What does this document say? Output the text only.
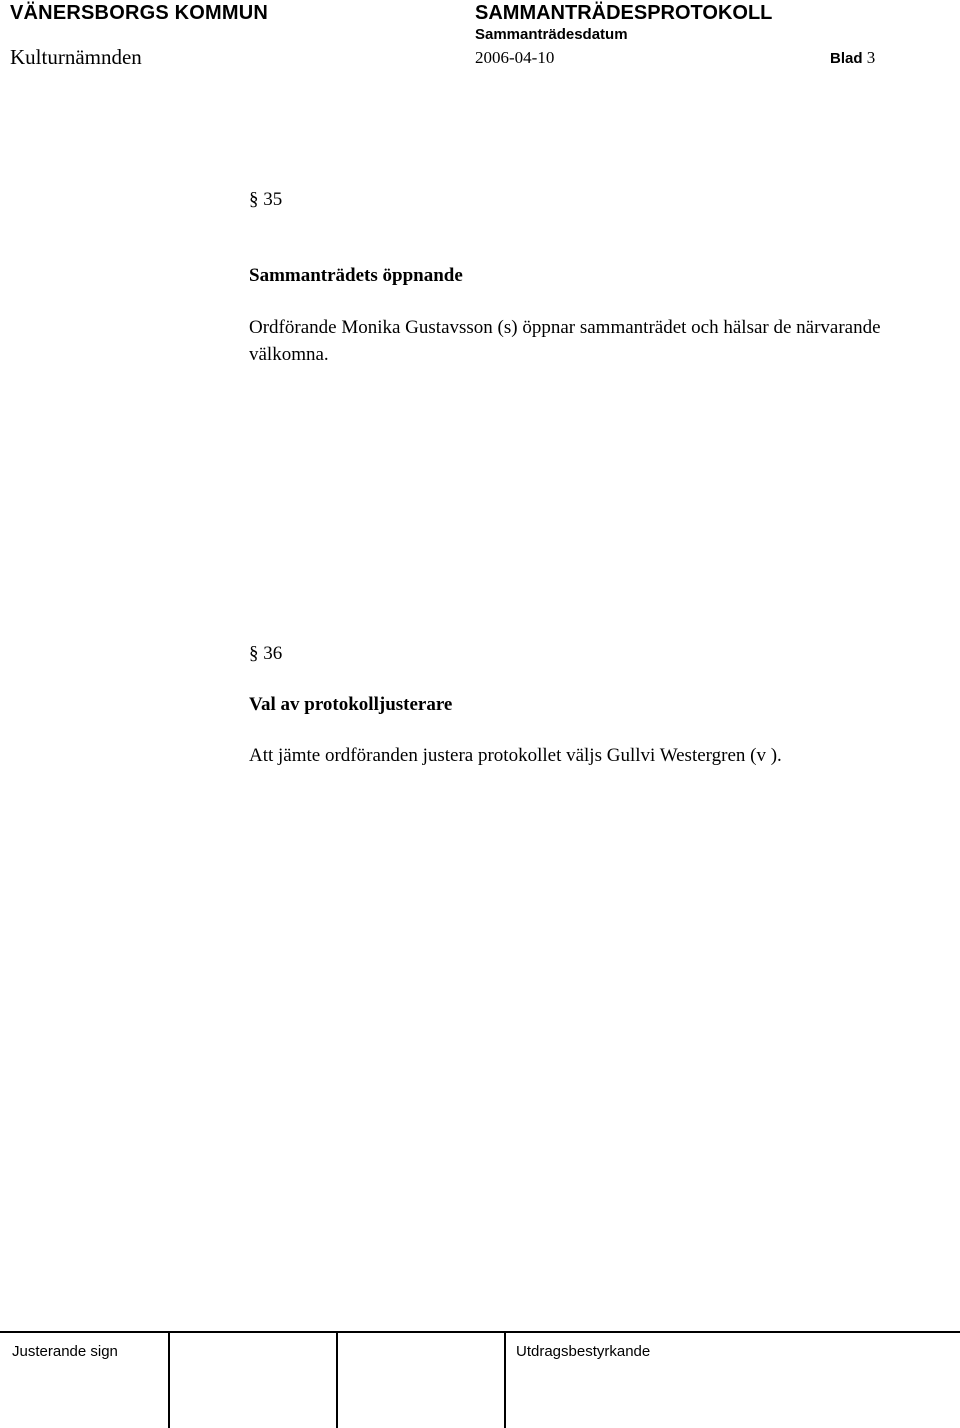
VÄNERSBORGS KOMMUN	SAMMANTRÄDESPROTOKOLL
Sammanträdesdatum
Kulturnämnden	2006-04-10	Blad 3
§ 35
Sammanträdets öppnande
Ordförande Monika Gustavsson (s) öppnar sammanträdet och hälsar de närvarande välkomna.
§ 36
Val av protokolljusterare
Att jämte ordföranden justera protokollet väljs Gullvi Westergren (v ).
Justerande sign	Utdragsbestyrkande
